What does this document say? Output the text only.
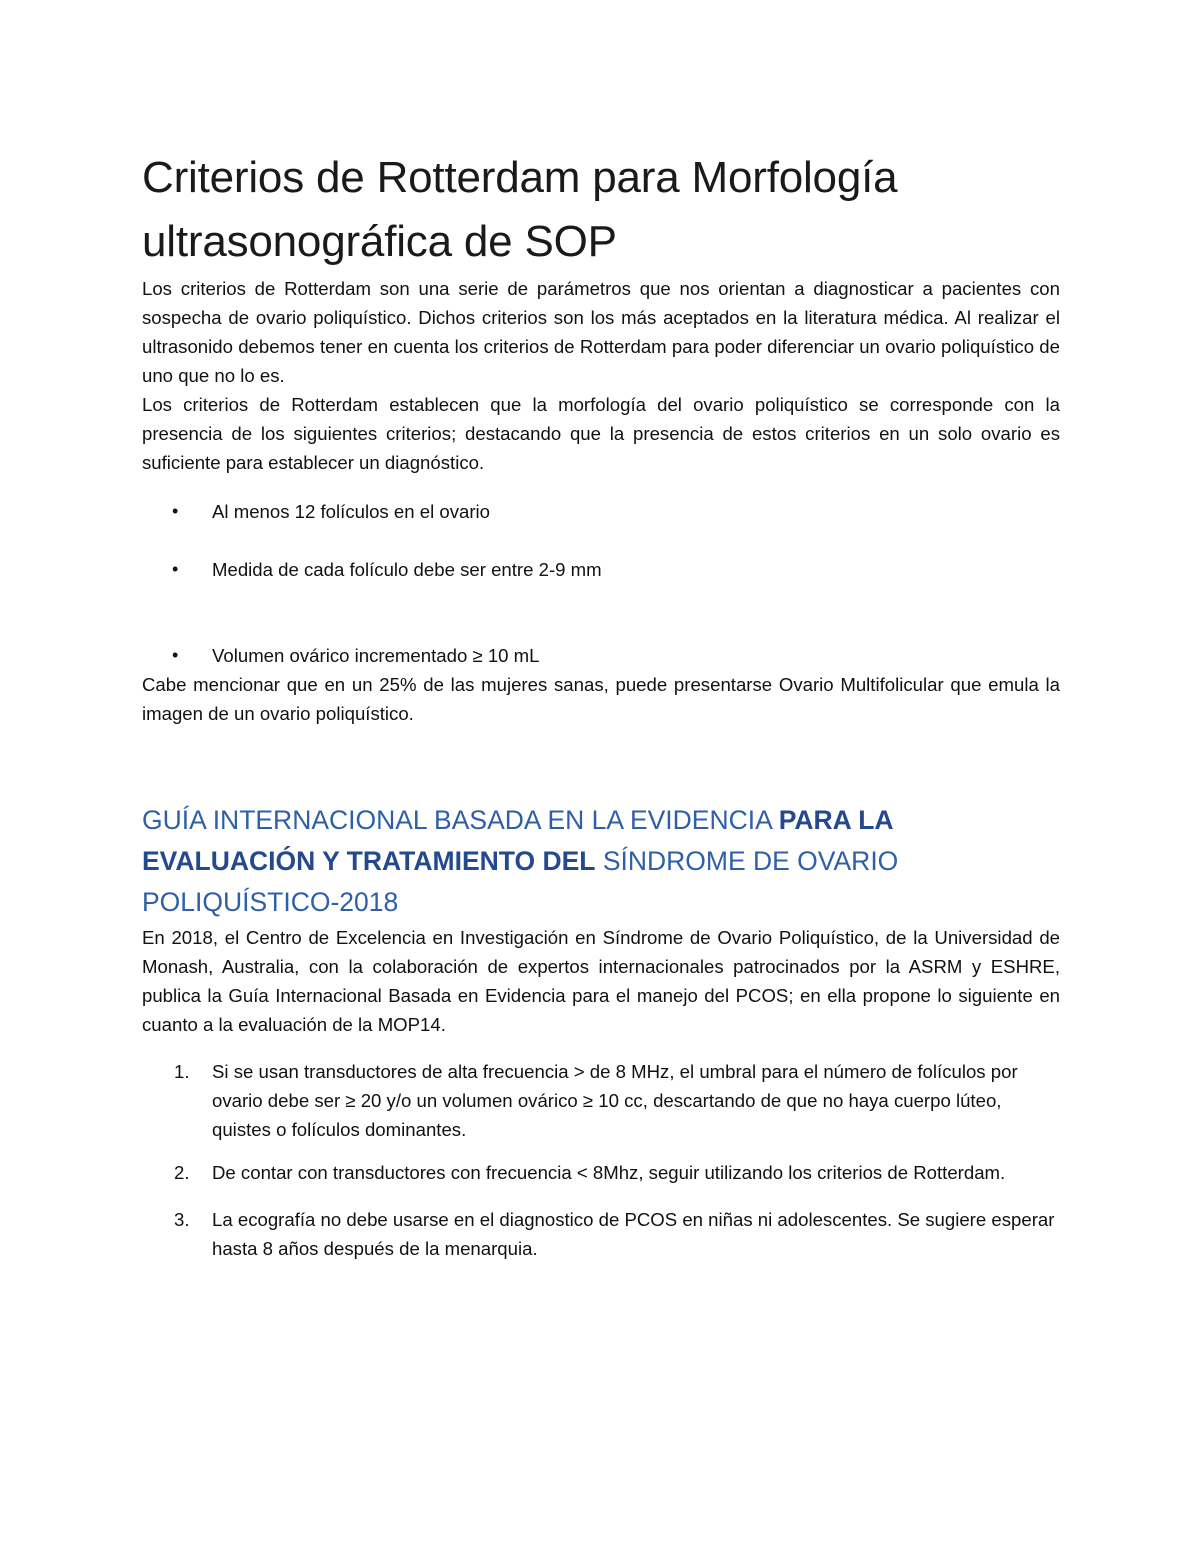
Criterios de Rotterdam para Morfología ultrasonográfica de SOP

Los criterios de Rotterdam son una serie de parámetros que nos orientan a diagnosticar a pacientes con sospecha de ovario poliquístico. Dichos criterios son los más aceptados en la literatura médica. Al realizar el ultrasonido debemos tener en cuenta los criterios de Rotterdam para poder diferenciar un ovario poliquístico de uno que no lo es.

Los criterios de Rotterdam establecen que la morfología del ovario poliquístico se corresponde con la presencia de los siguientes criterios; destacando que la presencia de estos criterios en un solo ovario es suficiente para establecer un diagnóstico.

• Al menos 12 folículos en el ovario
• Medida de cada folículo debe ser entre 2-9 mm
• Volumen ovárico incrementado ≥ 10 mL

Cabe mencionar que en un 25% de las mujeres sanas, puede presentarse Ovario Multifolicular que emula la imagen de un ovario poliquístico.

GUÍA INTERNACIONAL BASADA EN LA EVIDENCIA PARA LA EVALUACIÓN Y TRATAMIENTO DEL SÍNDROME DE OVARIO POLIQUÍSTICO-2018

En 2018, el Centro de Excelencia en Investigación en Síndrome de Ovario Poliquístico, de la Universidad de Monash, Australia, con la colaboración de expertos internacionales patrocinados por la ASRM y ESHRE, publica la Guía Internacional Basada en Evidencia para el manejo del PCOS; en ella propone lo siguiente en cuanto a la evaluación de la MOP14.

1. Si se usan transductores de alta frecuencia > de 8 MHz, el umbral para el número de folículos por ovario debe ser ≥ 20 y/o un volumen ovárico ≥ 10 cc, descartando de que no haya cuerpo lúteo, quistes o folículos dominantes.
2. De contar con transductores con frecuencia < 8Mhz, seguir utilizando los criterios de Rotterdam.
3. La ecografía no debe usarse en el diagnostico de PCOS en niñas ni adolescentes. Se sugiere esperar hasta 8 años después de la menarquia.
